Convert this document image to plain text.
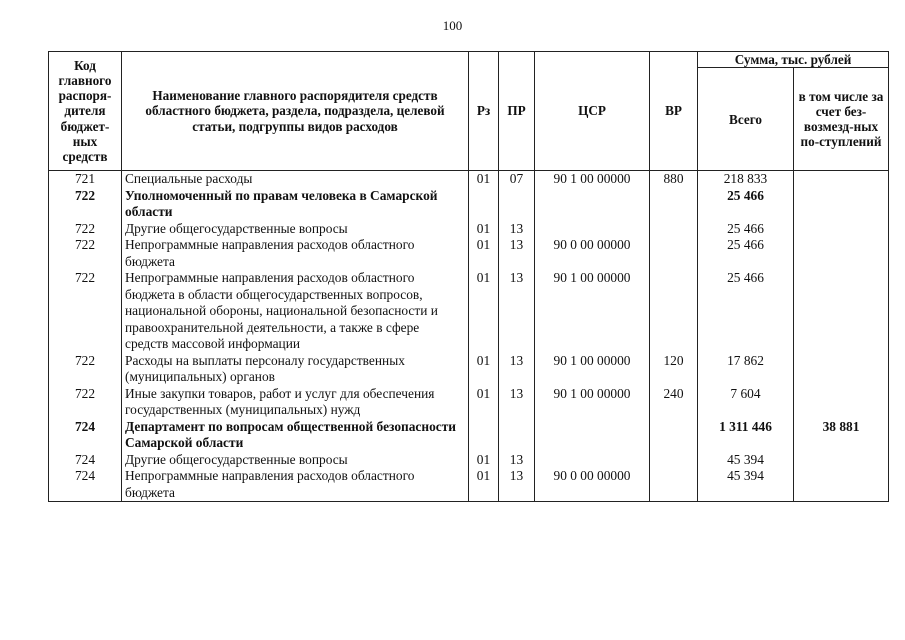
100
Код главного распоря-дителя бюджет-ных средств	Наименование главного распорядителя средств областного бюджета, раздела, подраздела, целевой статьи, подгруппы видов расходов	Рз	ПР	ЦСР	ВР	Сумма, тыс. рублей	
						Всего	в том числе за счет без-возмезд-ных по-ступлений
721	Специальные расходы	01	07	90 1 00 00000	880	218 833	
722	Уполномоченный по правам человека в Самарской области					25 466	
722	Другие общегосударственные вопросы	01	13			25 466	
722	Непрограммные направления расходов областного бюджета	01	13	90 0 00 00000		25 466	
722	Непрограммные направления расходов областного бюджета в области общегосударственных вопросов, национальной обороны, национальной безопасности и правоохранительной деятельности, а также в сфере средств массовой информации	01	13	90 1 00 00000		25 466	
722	Расходы на выплаты персоналу государственных (муниципальных) органов	01	13	90 1 00 00000	120	17 862	
722	Иные закупки товаров, работ и услуг для обеспечения государственных (муниципальных) нужд	01	13	90 1 00 00000	240	7 604	
724	Департамент по вопросам общественной безопасности Самарской области					1 311 446	38 881
724	Другие общегосударственные вопросы	01	13			45 394	
724	Непрограммные направления расходов областного бюджета	01	13	90 0 00 00000		45 394	
